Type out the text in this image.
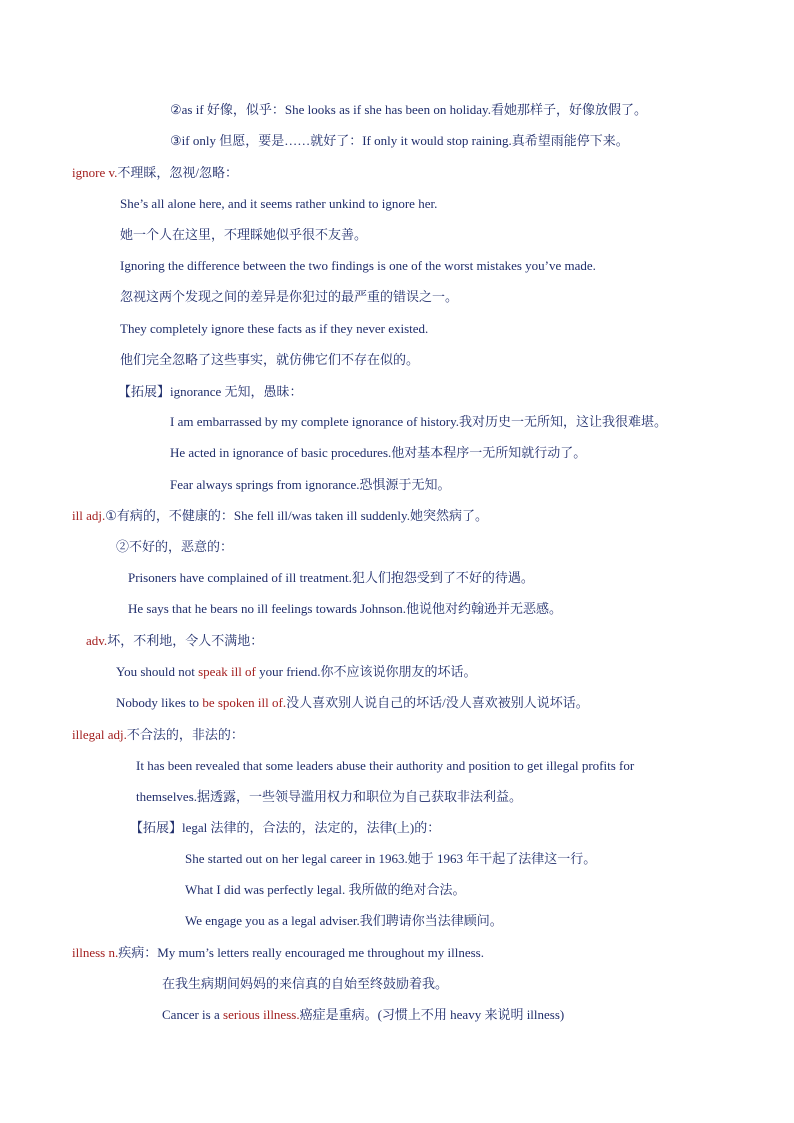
②as if 好像，似乎：She looks as if she has been on holiday.看她那样子，好像放假了。
③if only 但愿，要是……就好了：If only it would stop raining.真希望雨能停下来。
ignore v.不理睬，忽视/忽略：
She’s all alone here, and it seems rather unkind to ignore her.
她一个人在这里，不理睬她似乎很不友善。
Ignoring the difference between the two findings is one of the worst mistakes you’ve made.
忽视这两个发现之间的差异是你犯过的最严重的错误之一。
They completely ignore these facts as if they never existed.
他们完全忽略了这些事实，就仿佛它们不存在似的。
【拓展】ignorance 无知，愚昧：
I am embarrassed by my complete ignorance of history.我对历史一无所知，这让我很难堪。
He acted in ignorance of basic procedures.他对基本程序一无所知就行动了。
Fear always springs from ignorance.恐惧源于无知。
ill adj.①有病的，不健康的：She fell ill/was taken ill suddenly.她突然病了。
②不好的，恶意的：
Prisoners have complained of ill treatment.犯人们抱怨受到了不好的待遇。
He says that he bears no ill feelings towards Johnson.他说他对约翰逊并无恶感。
adv.坏，不利地，令人不满地：
You should not speak ill of your friend.你不应该说你朋友的坏话。
Nobody likes to be spoken ill of.没人喜欢别人说自己的坏话/没人喜欢被别人说坏话。
illegal adj.不合法的，非法的：
It has been revealed that some leaders abuse their authority and position to get illegal profits for
themselves.据透露，一些领导滥用权力和职位为自己获取非法利益。
【拓展】legal 法律的，合法的，法定的，法律(上)的：
She started out on her legal career in 1963.她于 1963 年干起了法律这一行。
What I did was perfectly legal. 我所做的绝对合法。
We engage you as a legal adviser.我们聘请你当法律顾问。
illness n.疾病：My mum’s letters really encouraged me throughout my illness.
在我生病期间妈妈的来信真的自始至终鼓励着我。
Cancer is a serious illness.癌症是重病。(习惯上不用 heavy 来说明 illness)
